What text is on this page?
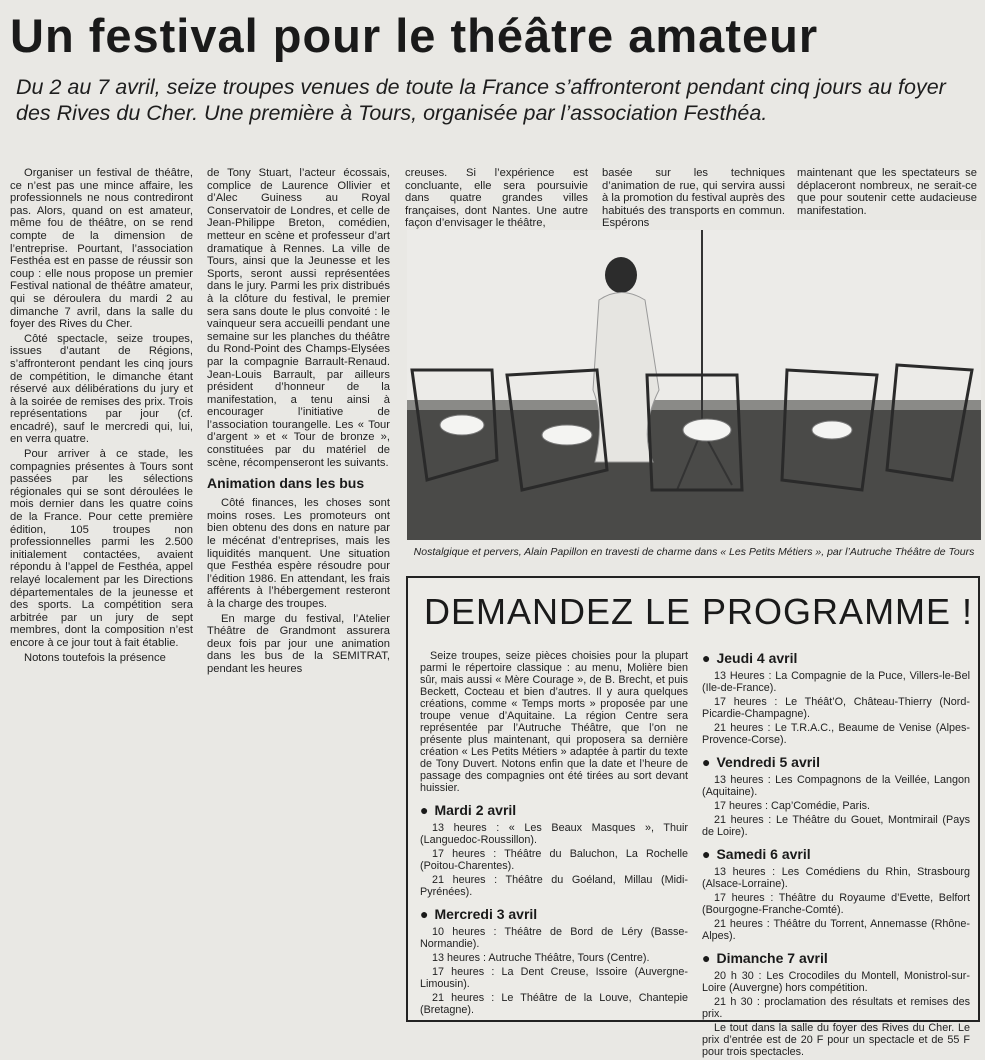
Un festival pour le théâtre amateur
Du 2 au 7 avril, seize troupes venues de toute la France s’affronteront pendant cinq jours au foyer des Rives du Cher. Une première à Tours, organisée par l’association Festhéa.

Organiser un festival de théâtre, ce n’est pas une mince affaire, les professionnels ne nous contrediront pas. Alors, quand on est amateur, même fou de théâtre, on se rend compte de la dimension de l’entreprise. Pourtant, l’association Festhéa est en passe de réussir son coup : elle nous propose un premier Festival national de théâtre amateur, qui se déroulera du mardi 2 au dimanche 7 avril, dans la salle du foyer des Rives du Cher.

Côté spectacle, seize troupes, issues d’autant de Régions, s’affronteront pendant les cinq jours de compétition, le dimanche étant réservé aux délibérations du jury et à la soirée de remises des prix. Trois représentations par jour (cf. encadré), sauf le mercredi qui, lui, en verra quatre.

Pour arriver à ce stade, les compagnies présentes à Tours sont passées par les sélections régionales qui se sont déroulées le mois dernier dans les quatre coins de la France. Pour cette première édition, 105 troupes non professionnelles parmi les 2.500 initialement contactées, avaient répondu à l’appel de Festhéa, appel relayé localement par les Directions départementales de la jeunesse et des sports. La compétition sera arbitrée par un jury de sept membres, dont la composition n’est encore à ce jour tout à fait établie.

Notons toutefois la présence

de Tony Stuart, l’acteur écossais, complice de Laurence Ollivier et d’Alec Guiness au Royal Conservatoir de Londres, et celle de Jean-Philippe Breton, comédien, metteur en scène et professeur d’art dramatique à Rennes. La ville de Tours, ainsi que la Jeunesse et les Sports, seront aussi représentées dans le jury. Parmi les prix distribués à la clôture du festival, le premier sera sans doute le plus convoité : le vainqueur sera accueilli pendant une semaine sur les planches du théâtre du Rond-Point des Champs-Elysées par la compagnie Barrault-Renaud. Jean-Louis Barrault, par ailleurs président d’honneur de la manifestation, a tenu ainsi à encourager l’initiative de l’association tourangelle. Les « Tour d’argent » et « Tour de bronze », constituées par du matériel de scène, récompenseront les suivants.

Animation dans les bus

Côté finances, les choses sont moins roses. Les promoteurs ont bien obtenu des dons en nature par le mécénat d’entreprises, mais les liquidités manquent. Une situation que Festhéa espère résoudre pour l’édition 1986. En attendant, les frais afférents à l’hébergement resteront à la charge des troupes.

En marge du festival, l’Atelier Théâtre de Grandmont assurera deux fois par jour une animation dans les bus de la SEMITRAT, pendant les heures

creuses. Si l’expérience est concluante, elle sera poursuivie dans quatre grandes villes françaises, dont Nantes. Une autre façon d’envisager le théâtre,

basée sur les techniques d’animation de rue, qui servira aussi à la promotion du festival auprès des habitués des transports en commun. Espérons

maintenant que les spectateurs se déplaceront nombreux, ne serait-ce que pour soutenir cette audacieuse manifestation.

Nostalgique et pervers, Alain Papillon en travesti de charme dans « Les Petits Métiers », par l’Autruche Théâtre de Tours
DEMANDEZ LE PROGRAMME !

Seize troupes, seize pièces choisies pour la plupart parmi le répertoire classique : au menu, Molière bien sûr, mais aussi « Mère Courage », de B. Brecht, et puis Beckett, Cocteau et bien d’autres. Il y aura quelques créations, comme « Temps morts » proposée par une troupe venue d’Aquitaine. La région Centre sera représentée par l’Autruche Théâtre, que l’on ne présente plus maintenant, qui proposera sa dernière création « Les Petits Métiers » adaptée à partir du texte de Tony Duvert. Notons enfin que la date et l’heure de passage des compagnies ont été tirées au sort devant huissier.

● Mardi 2 avril

13 heures : « Les Beaux Masques », Thuir (Languedoc-Roussillon).

17 heures : Théâtre du Baluchon, La Rochelle (Poitou-Charentes).

21 heures : Théâtre du Goéland, Millau (Midi-Pyrénées).

● Mercredi 3 avril

10 heures : Théâtre de Bord de Léry (Basse-Normandie).

13 heures : Autruche Théâtre, Tours (Centre).

17 heures : La Dent Creuse, Issoire (Auvergne-Limousin).

21 heures : Le Théâtre de la Louve, Chantepie (Bretagne).

● Jeudi 4 avril

13 Heures : La Compagnie de la Puce, Villers-le-Bel (Ile-de-France).

17 heures : Le Théât’O, Château-Thierry (Nord-Picardie-Champagne).

21 heures : Le T.R.A.C., Beaume de Venise (Alpes-Provence-Corse).

● Vendredi 5 avril

13 heures : Les Compagnons de la Veillée, Langon (Aquitaine).

17 heures : Cap’Comédie, Paris.

21 heures : Le Théâtre du Gouet, Montmirail (Pays de Loire).

● Samedi 6 avril

13 heures : Les Comédiens du Rhin, Strasbourg (Alsace-Lorraine).

17 heures : Théâtre du Royaume d’Evette, Belfort (Bourgogne-Franche-Comté).

21 heures : Théâtre du Torrent, Annemasse (Rhône-Alpes).

● Dimanche 7 avril

20 h 30 : Les Crocodiles du Montell, Monistrol-sur-Loire (Auvergne) hors compétition.

21 h 30 : proclamation des résultats et remises des prix.

Le tout dans la salle du foyer des Rives du Cher. Le prix d’entrée est de 20 F pour un spectacle et de 55 F pour trois spectacles.
